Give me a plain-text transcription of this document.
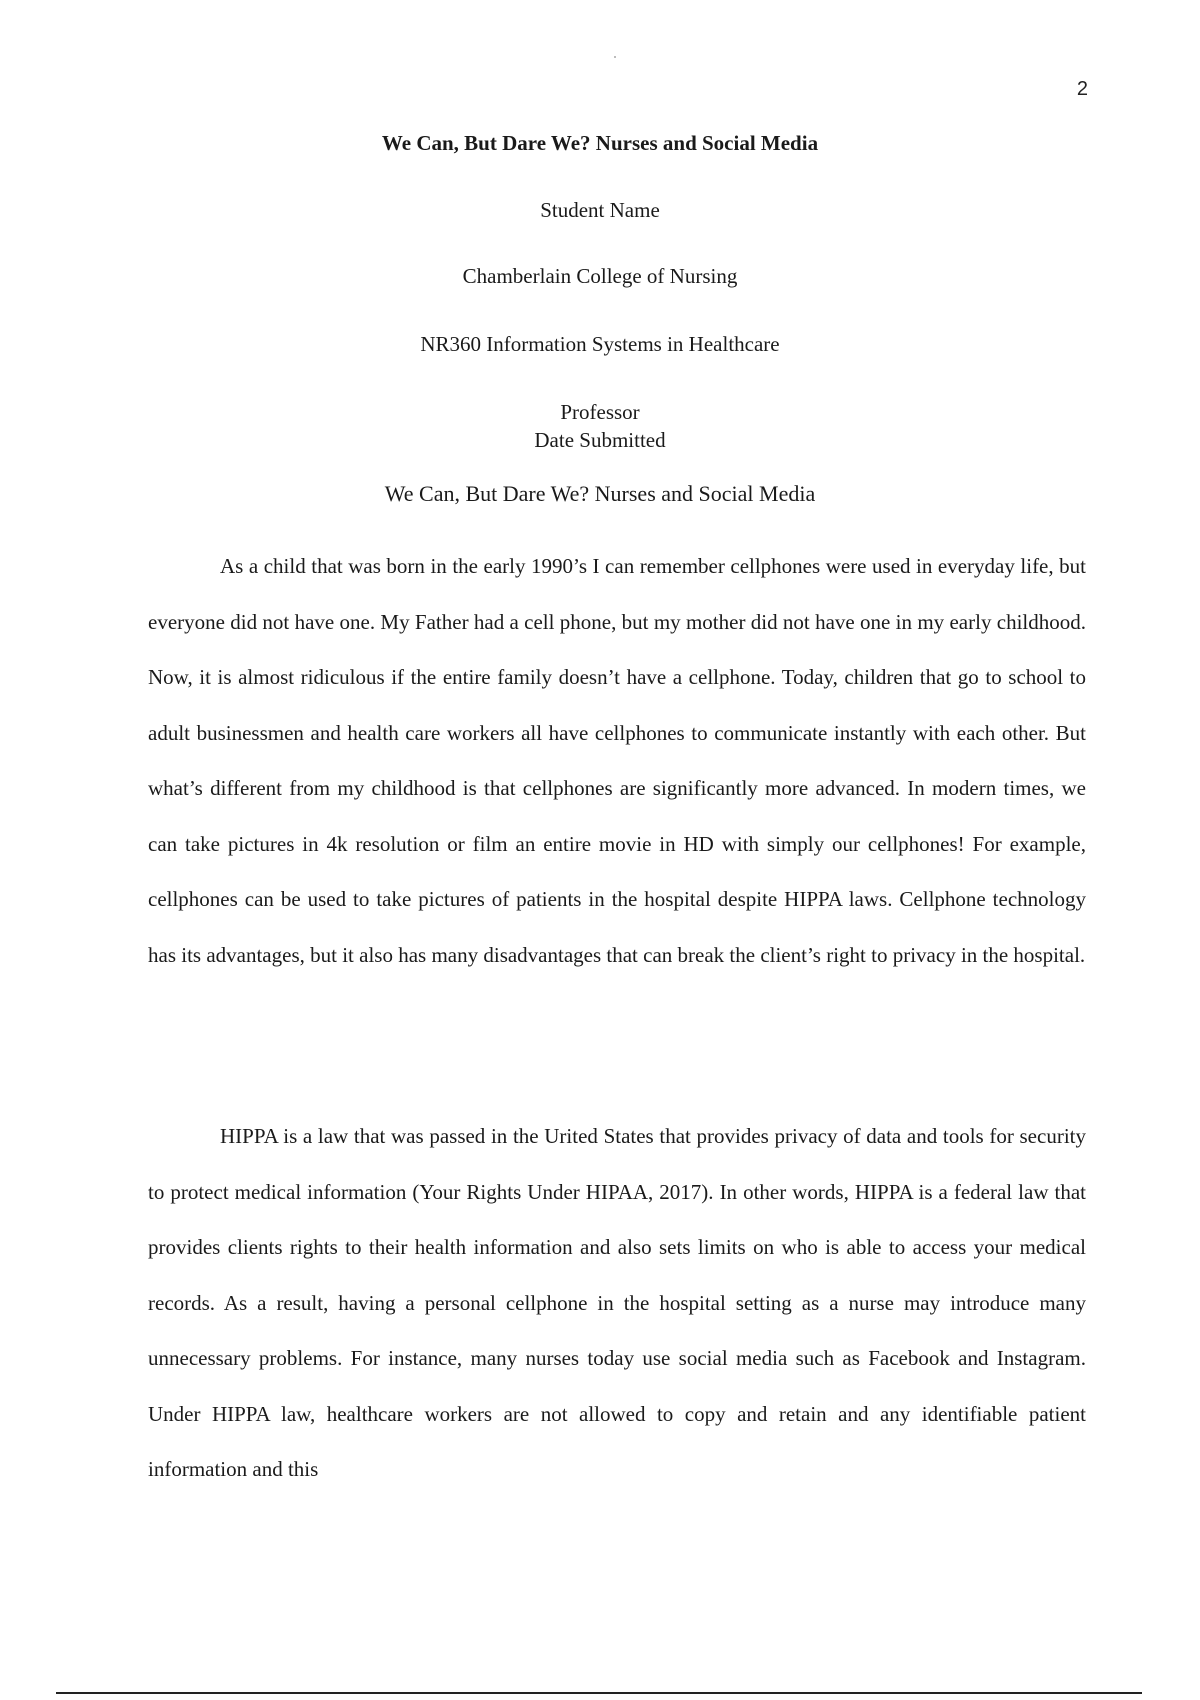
2
We Can, But Dare We? Nurses and Social Media
Student Name
Chamberlain College of Nursing
NR360 Information Systems in Healthcare
Professor
Date Submitted
We Can, But Dare We? Nurses and Social Media

As a child that was born in the early 1990’s I can remember cellphones were used in everyday life, but everyone did not have one. My Father had a cell phone, but my mother did not have one in my early childhood. Now, it is almost ridiculous if the entire family doesn’t have a cellphone. Today, children that go to school to adult businessmen and health care workers all have cellphones to communicate instantly with each other. But what’s different from my childhood is that cellphones are significantly more advanced. In modern times, we can take pictures in 4k resolution or film an entire movie in HD with simply our cellphones! For example, cellphones can be used to take pictures of patients in the hospital despite HIPPA laws. Cellphone technology has its advantages, but it also has many disadvantages that can break the client’s right to privacy in the hospital.

HIPPA is a law that was passed in the Urited States that provides privacy of data and tools for security to protect medical information (Your Rights Under HIPAA, 2017). In other words, HIPPA is a federal law that provides clients rights to their health information and also sets limits on who is able to access your medical records. As a result, having a personal cellphone in the hospital setting as a nurse may introduce many unnecessary problems. For instance, many nurses today use social media such as Facebook and Instagram. Under HIPPA law, healthcare workers are not allowed to copy and retain and any identifiable patient information and this
